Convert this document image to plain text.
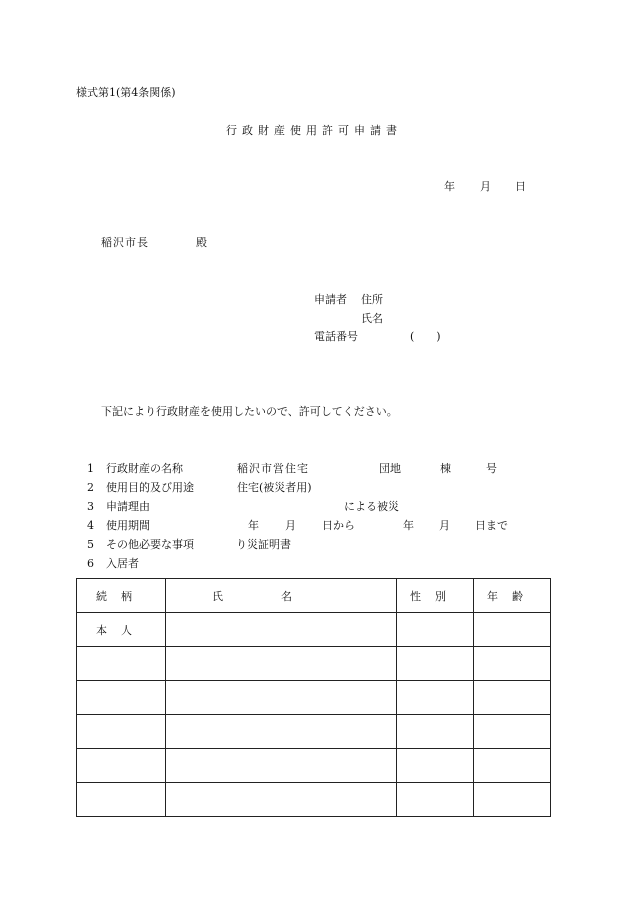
様式第1(第4条関係)
行政財産使用許可申請書
年 月 日
稲沢市長	殿
申請者 住所
氏名
電話番号	(　　)
下記により行政財産を使用したいので、許可してください。
1 行政財産の名称	稲沢市営住宅	団地	棟	号
2 使用目的及び用途	住宅(被災者用)
3 申請理由	による被災
4 使用期間	年 月 日から	年 月 日まで
5 その他必要な事項	り災証明書
6 入居者
続柄	氏名	性別	年齢
本人			
